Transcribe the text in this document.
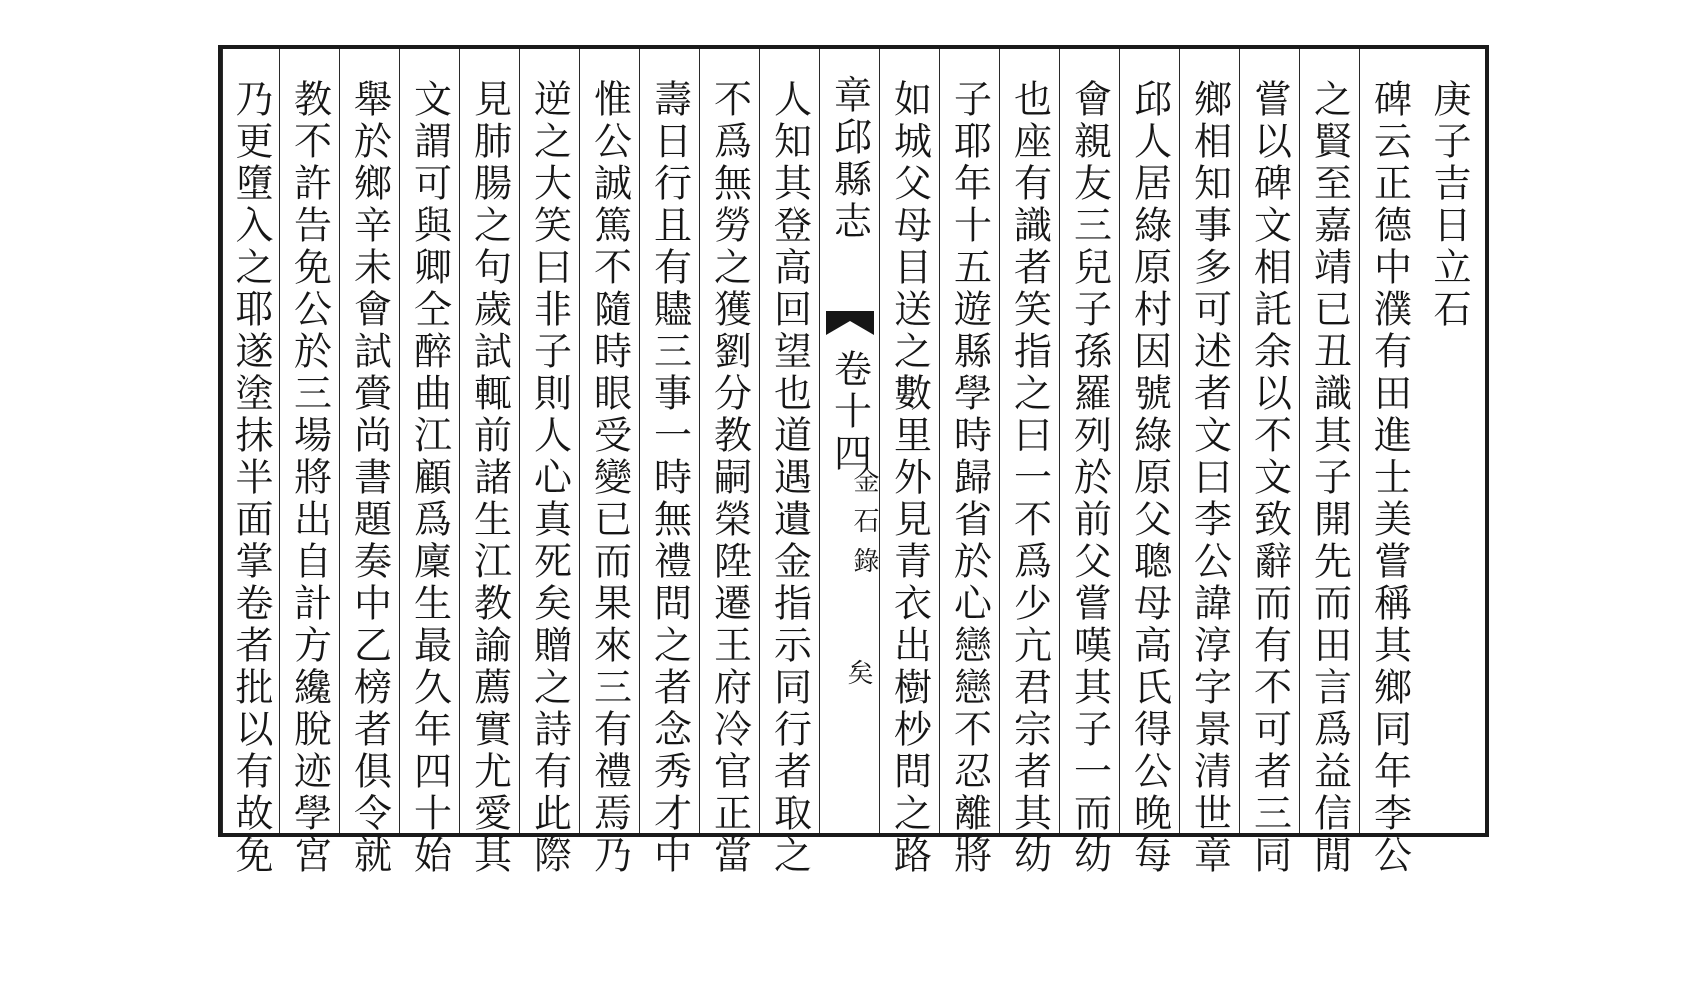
庚子吉日立石
碑云正德中濮有田進士美嘗稱其鄉同年李公
之賢至嘉靖已丑識其子開先而田言爲益信閒
嘗以碑文相託余以不文致辭而有不可者三同
鄉相知事多可述者文曰李公諱淳字景清世章
邱人居綠原村因號綠原父聰母高氏得公晚每
會親友三兒子孫羅列於前父嘗嘆其子一而幼
也座有識者笑指之曰一不爲少亢君宗者其幼
子耶年十五遊縣學時歸省於心戀戀不忍離將
如城父母目送之數里外見青衣出樹杪問之路
章邱縣志
卷十四
金石錄
矣
人知其登高回望也道遇遺金指示同行者取之
不爲無勞之獲劉分教嗣榮陞遷王府冷官正當
壽日行且有贐三事一時無禮問之者念秀才中
惟公誠篤不隨時眼受變已而果來三有禮焉乃
逆之大笑曰非子則人心真死矣贈之詩有此際
見肺腸之句歲試輒前諸生江教諭薦實尤愛其
文謂可與卿仝醉曲江顧爲廩生最久年四十始
舉於鄉辛未會試賫尚書題奏中乙榜者俱令就
教不許告免公於三場將出自計方纔脫迹學宮
乃更墮入之耶遂塗抹半面掌卷者批以有故免
